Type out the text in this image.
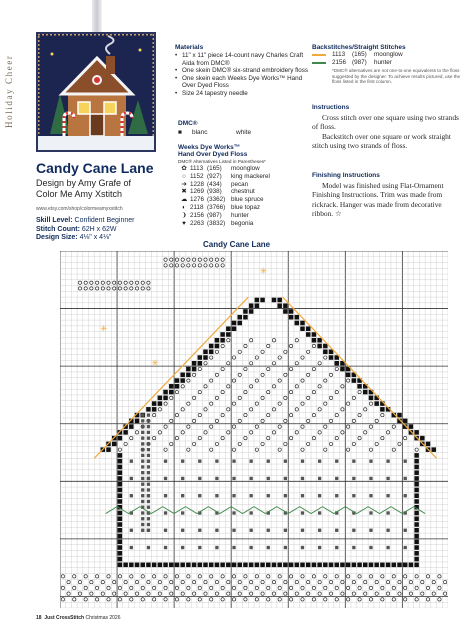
Holiday Cheer
Candy Cane Lane
Design by Amy Grafe of
Color Me Amy Xstitch
www.etsy.com/shop/colormeamyxstitch
Skill Level: Confident Beginner
Stitch Count: 62H x 62W
Design Size: 4⅛" x 4⅛"
Materials
• 11" x 11" piece 14-count navy Charles Craft Aida from DMC®
• One skein DMC® six-strand embroidery floss
• One skein each Weeks Dye Works™ Hand Over Dyed Floss
• Size 24 tapestry needle
DMC®
■	blanc	white
Weeks Dye Works™
Hand Over Dyed Floss
DMC® Alternatives Listed in Parentheses*
✿ 1113 (165)	moonglow
○ 1152 (927)	king mackerel
➔ 1228 (434)	pecan
✖ 1269 (938)	chestnut
☁ 1276 (3362) blue spruce
◐ 2118 (3766) blue topaz
❩ 2156 (987)	hunter
♥ 2263 (3832) begonia
Backstitches/Straight Stitches
1113	(165)	moonglow
2156 (987)	hunter
*DMC® alternatives are not one-to-one equivalents to the floss suggested by the designer. To achieve results pictured, use the floss listed in the first column.
Instructions

Cross stitch over one square using two strands of floss.

Backstitch over one square or work straight stitch using two strands of floss.

Finishing Instructions

Model was finished using Flat-Ornament Finishing Instructions. Trim was made from rickrack. Hanger was made from decorative ribbon. ☆

Candy Cane Lane
✳
✳
✳
18 Just CrossStitch Christmas 2026
